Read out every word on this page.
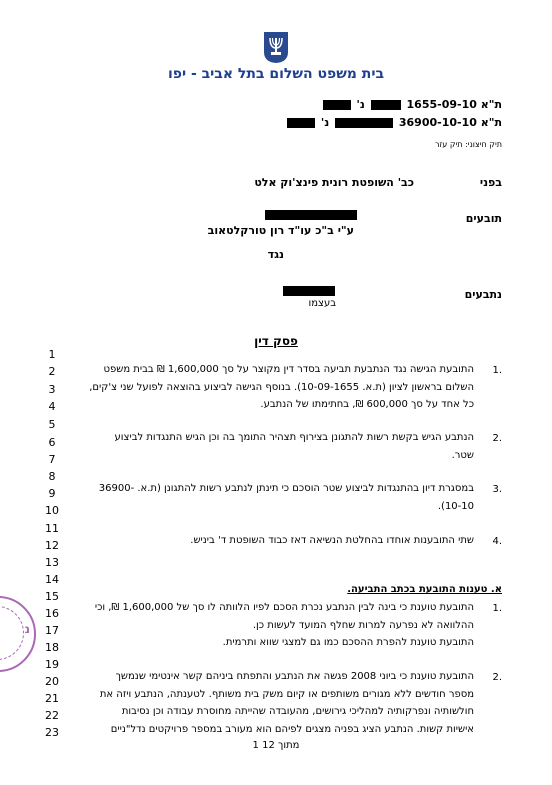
בית משפט השלום בתל אביב - יפו
ת"א 1655-09-10  נ'
ת"א 36900-10-10  נ'
תיק חיצוני: תיק עזר
בפני
כב' השופטת רונית פינצ'וק אלט
תובעים
ע"י ב"כ עו"ד רון טורקלטאוב
נגד
נתבעים
בעצמו
פסק דין
1
2
3
4
5
6
7
8
9
10
11
12
13
14
15
16
17
18
19
20
21
22
23
1.
התובעת הגישה נגד הנתבעת תביעה בסדר דין מקוצר על סך 1,600,000 ₪ בבית משפט
השלום בראשון לציון (ת.א. 10-09-1655). בנוסף הגישה לביצוע בהוצאה לפועל שני צ'קים,
כל אחד על סך 600,000 ₪, בחתימתו של הנתבע.
2.
הנתבע הגיש בקשת רשות להתגונן בצירוף תצהיר התומך בה וכן הגיש התנגדות לביצוע
שטר.
3.
במסגרת דיון בהתנגדות לביצוע שטר הוסכם כי תינתן לנתבע רשות להתגונן (ת.א. -36900
10-10).
4.
שתי התובענות אוחדו בהחלטת הנשיאה דאז כבוד השופטת ד' ביניש.
א. טענות התובעת בכתב התביעה.
1.
התובעת טוענת כי בינה לבין הנתבע נכרת הסכם לפיו הלוותה לו סך של 1,600,000 ₪, וכי
ההלוואה לא נפרעה למרות שחלף המועד לעשות כן.
התובעת טוענת להפרת ההסכם כמו גם למצגי שווא ותרמית.
2.
התובעת טוענת כי ביוני 2008 פגשה את הנתבע והתפתח ביניהם קשר אינטימי שנמשך
מספר חודשים ללא מגורים משותפים או קיום משק בית משותף. לטענתה, הנתבע ויזה את
חולשותיה ונפרקותיה למהליכי גירושים, מהעובדה שהייתה מחוסרת עבודה וכן נסיבות
אישיות קשות. הנתבע הציג בפניה מצגים לפיהם הוא מעורב במספר פרויקטים נדל"ניים
נ
1 מתוך 12
